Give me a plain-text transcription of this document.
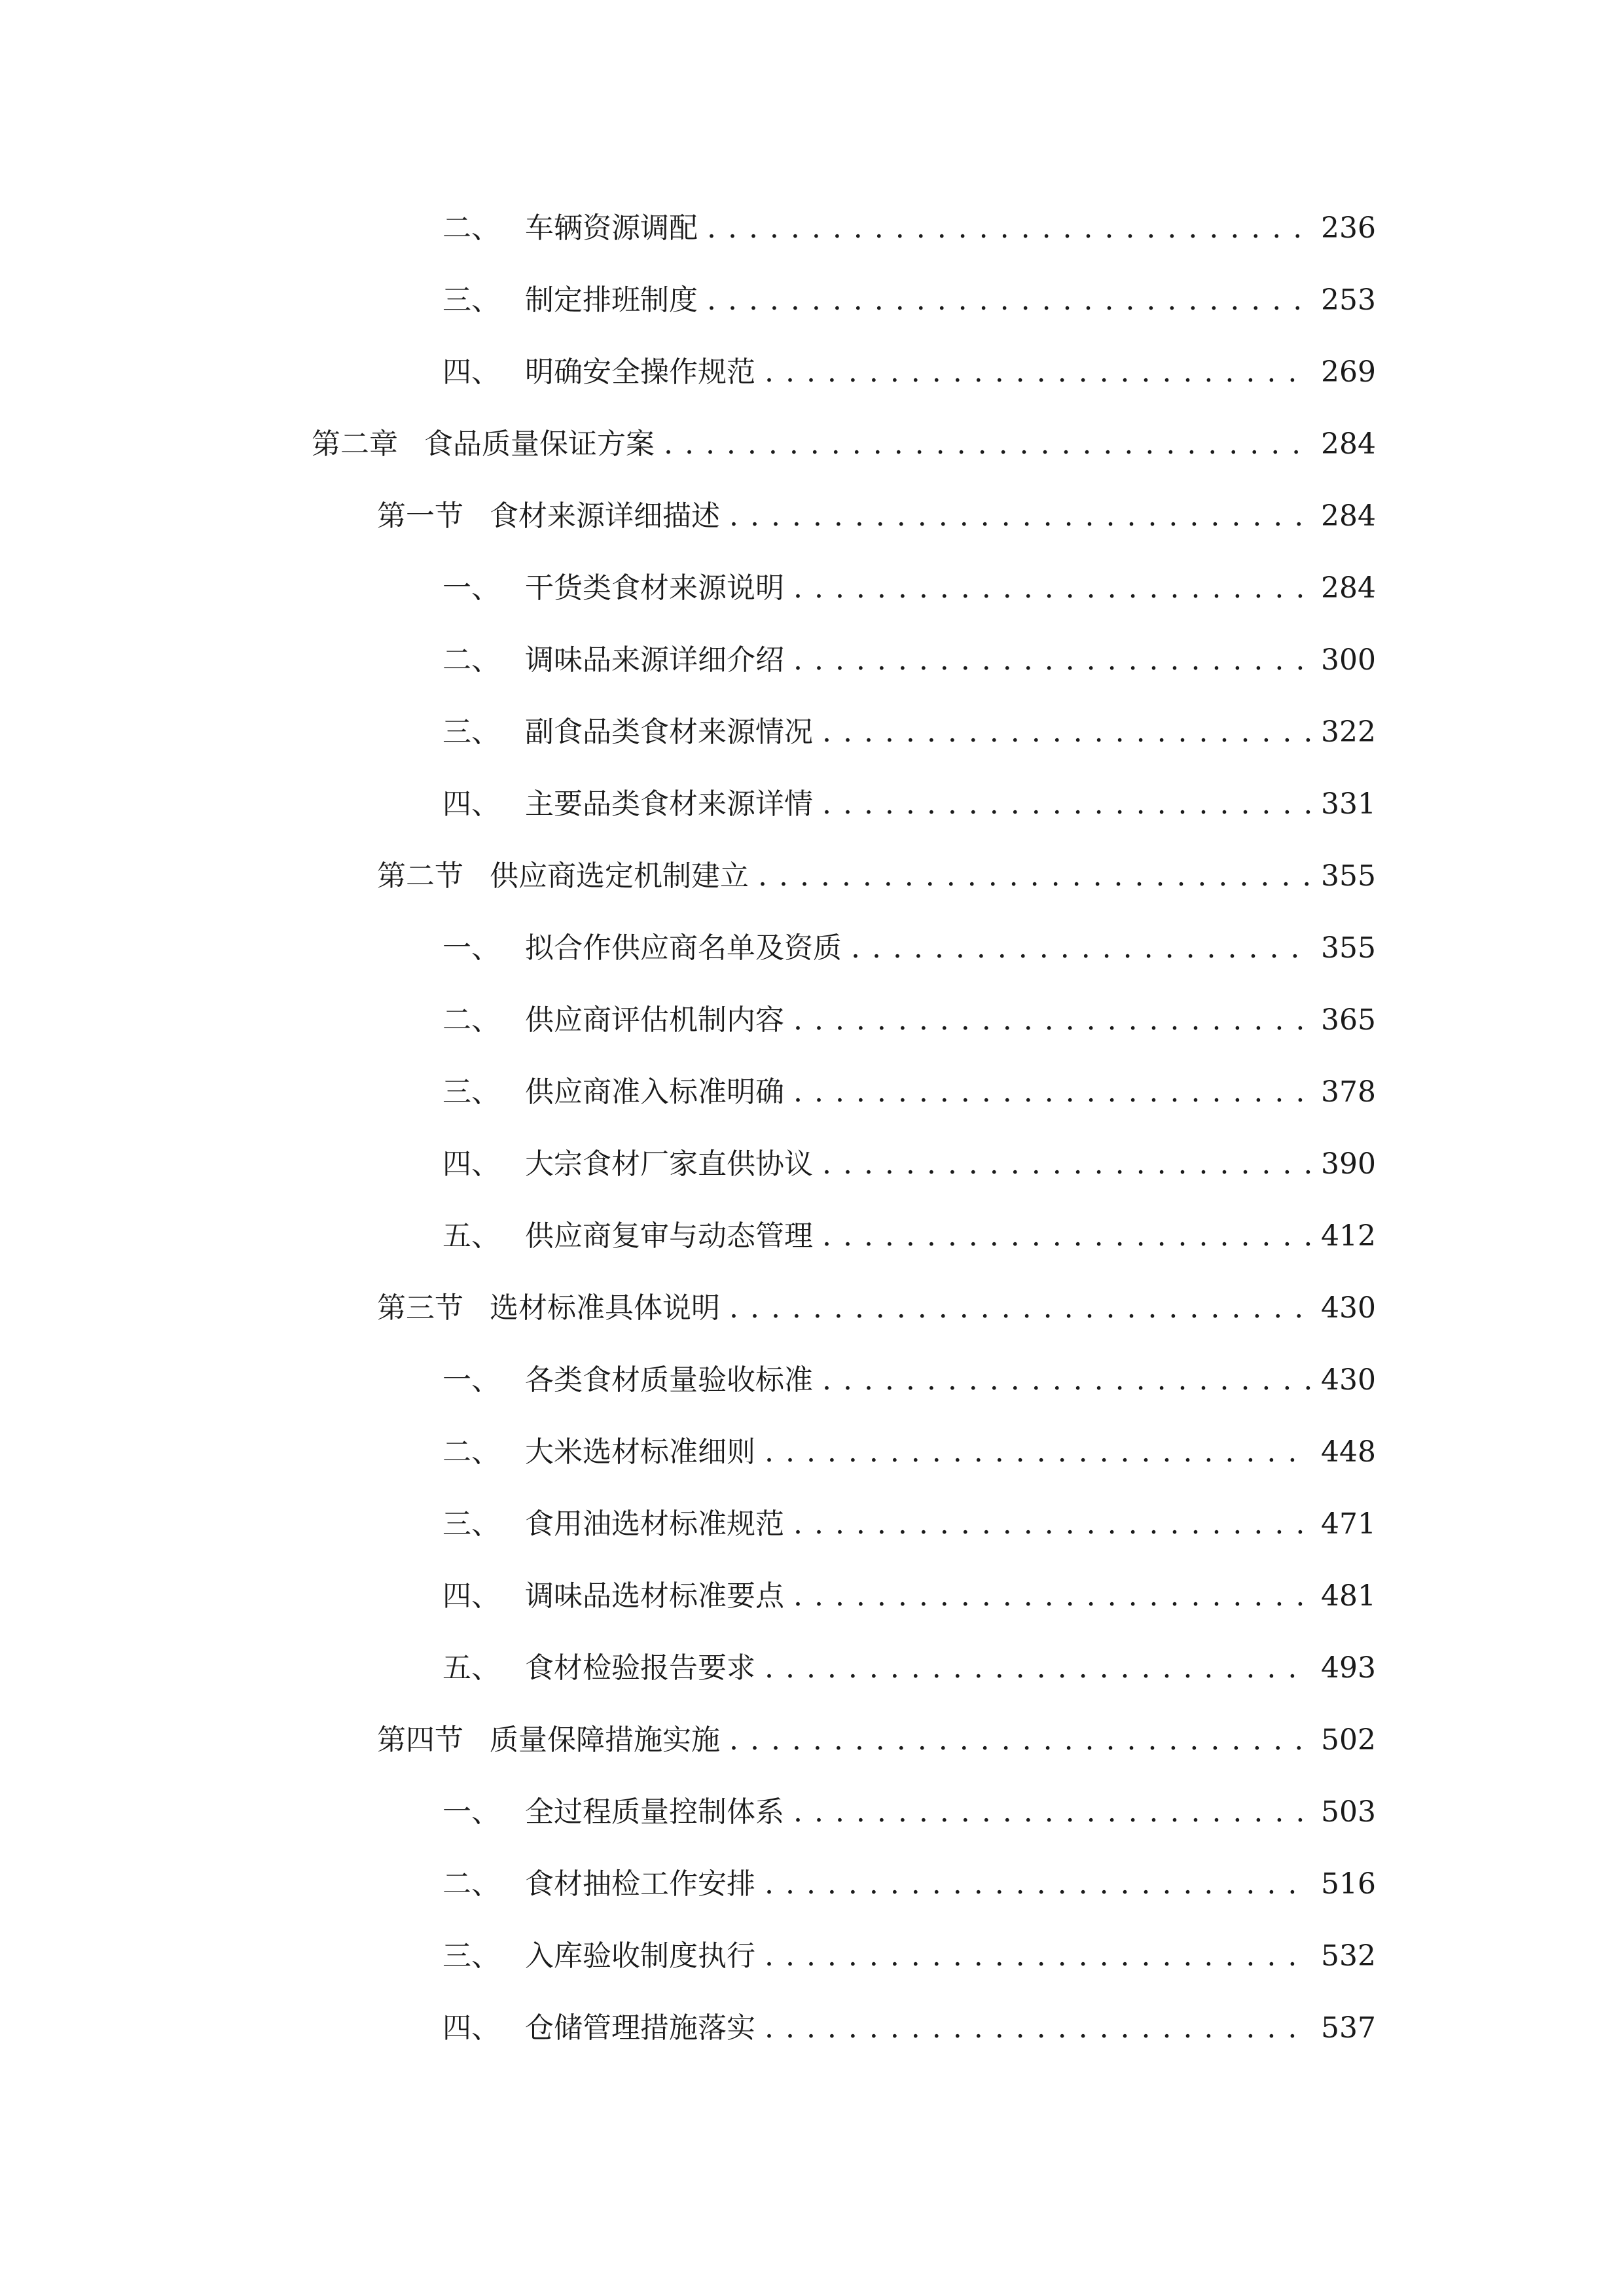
二、 车辆资源调配 . . .	236
三、 制定排班制度 . . .	253
四、 明确安全操作规范 . . .	269
第二章 食品质量保证方案 . . .	284
第一节 食材来源详细描述 . . .	284
一、 干货类食材来源说明 . . .	284
二、 调味品来源详细介绍 . . .	300
三、 副食品类食材来源情况 . . .	322
四、 主要品类食材来源详情 . . .	331
第二节 供应商选定机制建立 . . .	355
一、 拟合作供应商名单及资质 . . .	355
二、 供应商评估机制内容 . . .	365
三、 供应商准入标准明确 . . .	378
四、 大宗食材厂家直供协议 . . .	390
五、 供应商复审与动态管理 . . .	412
第三节 选材标准具体说明 . . .	430
一、 各类食材质量验收标准 . . .	430
二、 大米选材标准细则 . . .	448
三、 食用油选材标准规范 . . .	471
四、 调味品选材标准要点 . . .	481
五、 食材检验报告要求 . . .	493
第四节 质量保障措施实施 . . .	502
一、 全过程质量控制体系 . . .	503
二、 食材抽检工作安排 . . .	516
三、 入库验收制度执行 . . .	532
四、 仓储管理措施落实 . . .	537
